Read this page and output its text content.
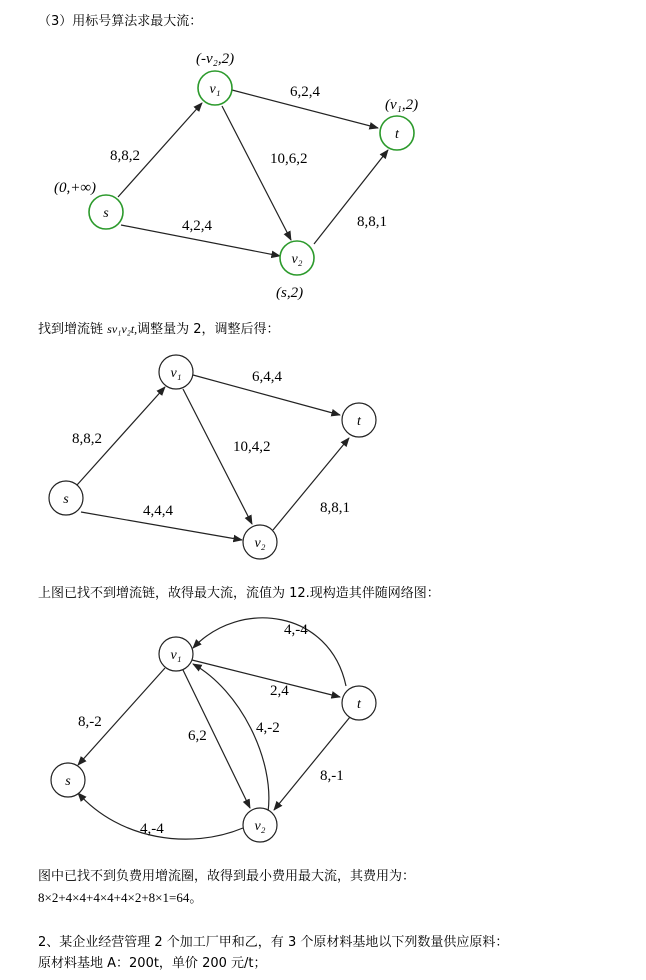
（3）用标号算法求最大流：
v₁
t
s
v₂
6,2,4
8,8,2	10,6,2
4,2,4	8,8,1
(-v₂,2)
(v₁,2)
(0,+∞)
(s,2)
找到增流链 sv₁v₂t,调整量为 2，调整后得：
v₁
t
s
v₂
6,4,4
8,8,2	10,4,2
4,4,4	8,8,1
上图已找不到增流链，故得最大流，流值为 12.现构造其伴随网络图：
v₁
t
s
v₂
4,-4
2,4
8,-2
6,2	4,-2
8,-1
4,-4
图中已找不到负费用增流圈，故得到最小费用最大流，其费用为：
8×2+4×4+4×4+4×2+8×1=64。
2、某企业经营管理 2 个加工厂甲和乙，有 3 个原材料基地以下列数量供应原料：
原材料基地 A：200t，单价 200 元/t；
